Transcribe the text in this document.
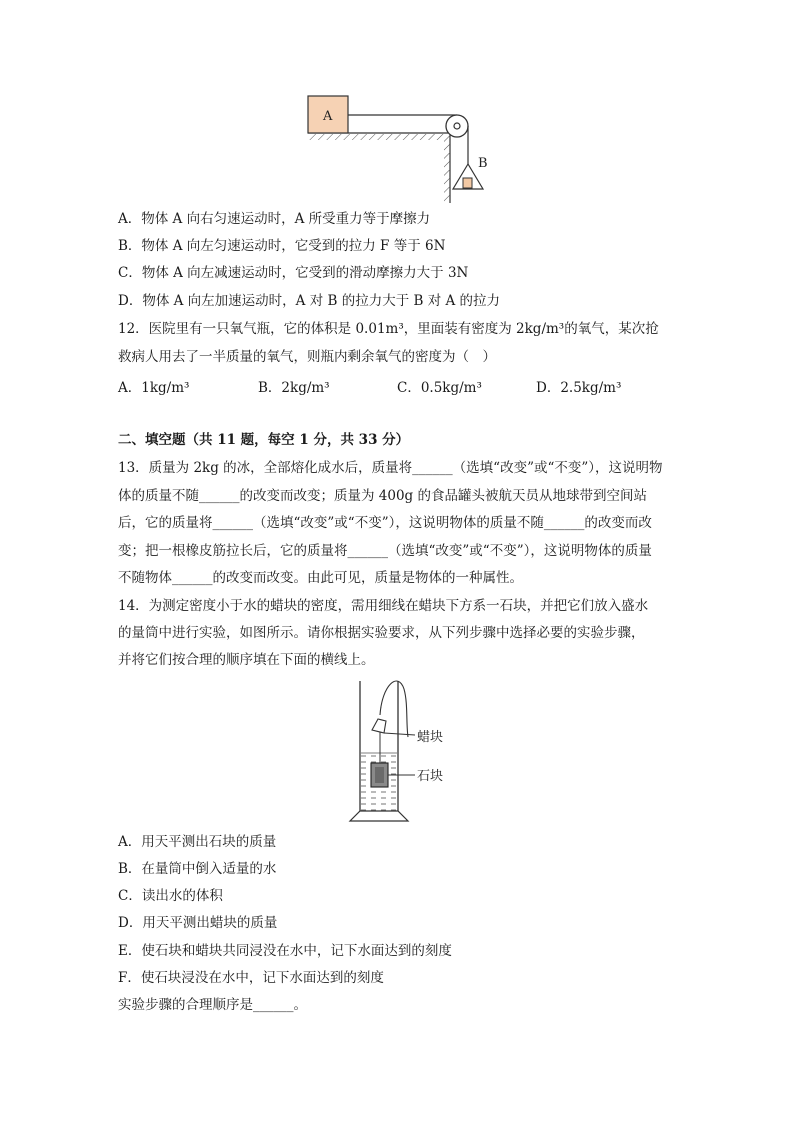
A
B
A．物体 A 向右匀速运动时，A 所受重力等于摩擦力
B．物体 A 向左匀速运动时，它受到的拉力 F 等于 6N
C．物体 A 向左减速运动时，它受到的滑动摩擦力大于 3N
D．物体 A 向左加速运动时，A 对 B 的拉力大于 B 对 A 的拉力
12．医院里有一只氧气瓶，它的体积是 0.01m³，里面装有密度为 2kg/m³的氧气，某次抢
救病人用去了一半质量的氧气，则瓶内剩余氧气的密度为（　）
A．1kg/m³	B．2kg/m³	C．0.5kg/m³	D．2.5kg/m³
二、填空题（共 11 题，每空 1 分，共 33 分）
13．质量为 2kg 的冰，全部熔化成水后，质量将______（选填“改变”或“不变”），这说明物
体的质量不随______的改变而改变；质量为 400g 的食品罐头被航天员从地球带到空间站
后，它的质量将______（选填“改变”或“不变”），这说明物体的质量不随______的改变而改
变；把一根橡皮筋拉长后，它的质量将______（选填“改变”或“不变”），这说明物体的质量
不随物体______的改变而改变。由此可见，质量是物体的一种属性。
14．为测定密度小于水的蜡块的密度，需用细线在蜡块下方系一石块，并把它们放入盛水
的量筒中进行实验，如图所示。请你根据实验要求，从下列步骤中选择必要的实验步骤，
并将它们按合理的顺序填在下面的横线上。
蜡块
石块
A．用天平测出石块的质量
B．在量筒中倒入适量的水
C．读出水的体积
D．用天平测出蜡块的质量
E．使石块和蜡块共同浸没在水中，记下水面达到的刻度
F．使石块浸没在水中，记下水面达到的刻度
实验步骤的合理顺序是______。
